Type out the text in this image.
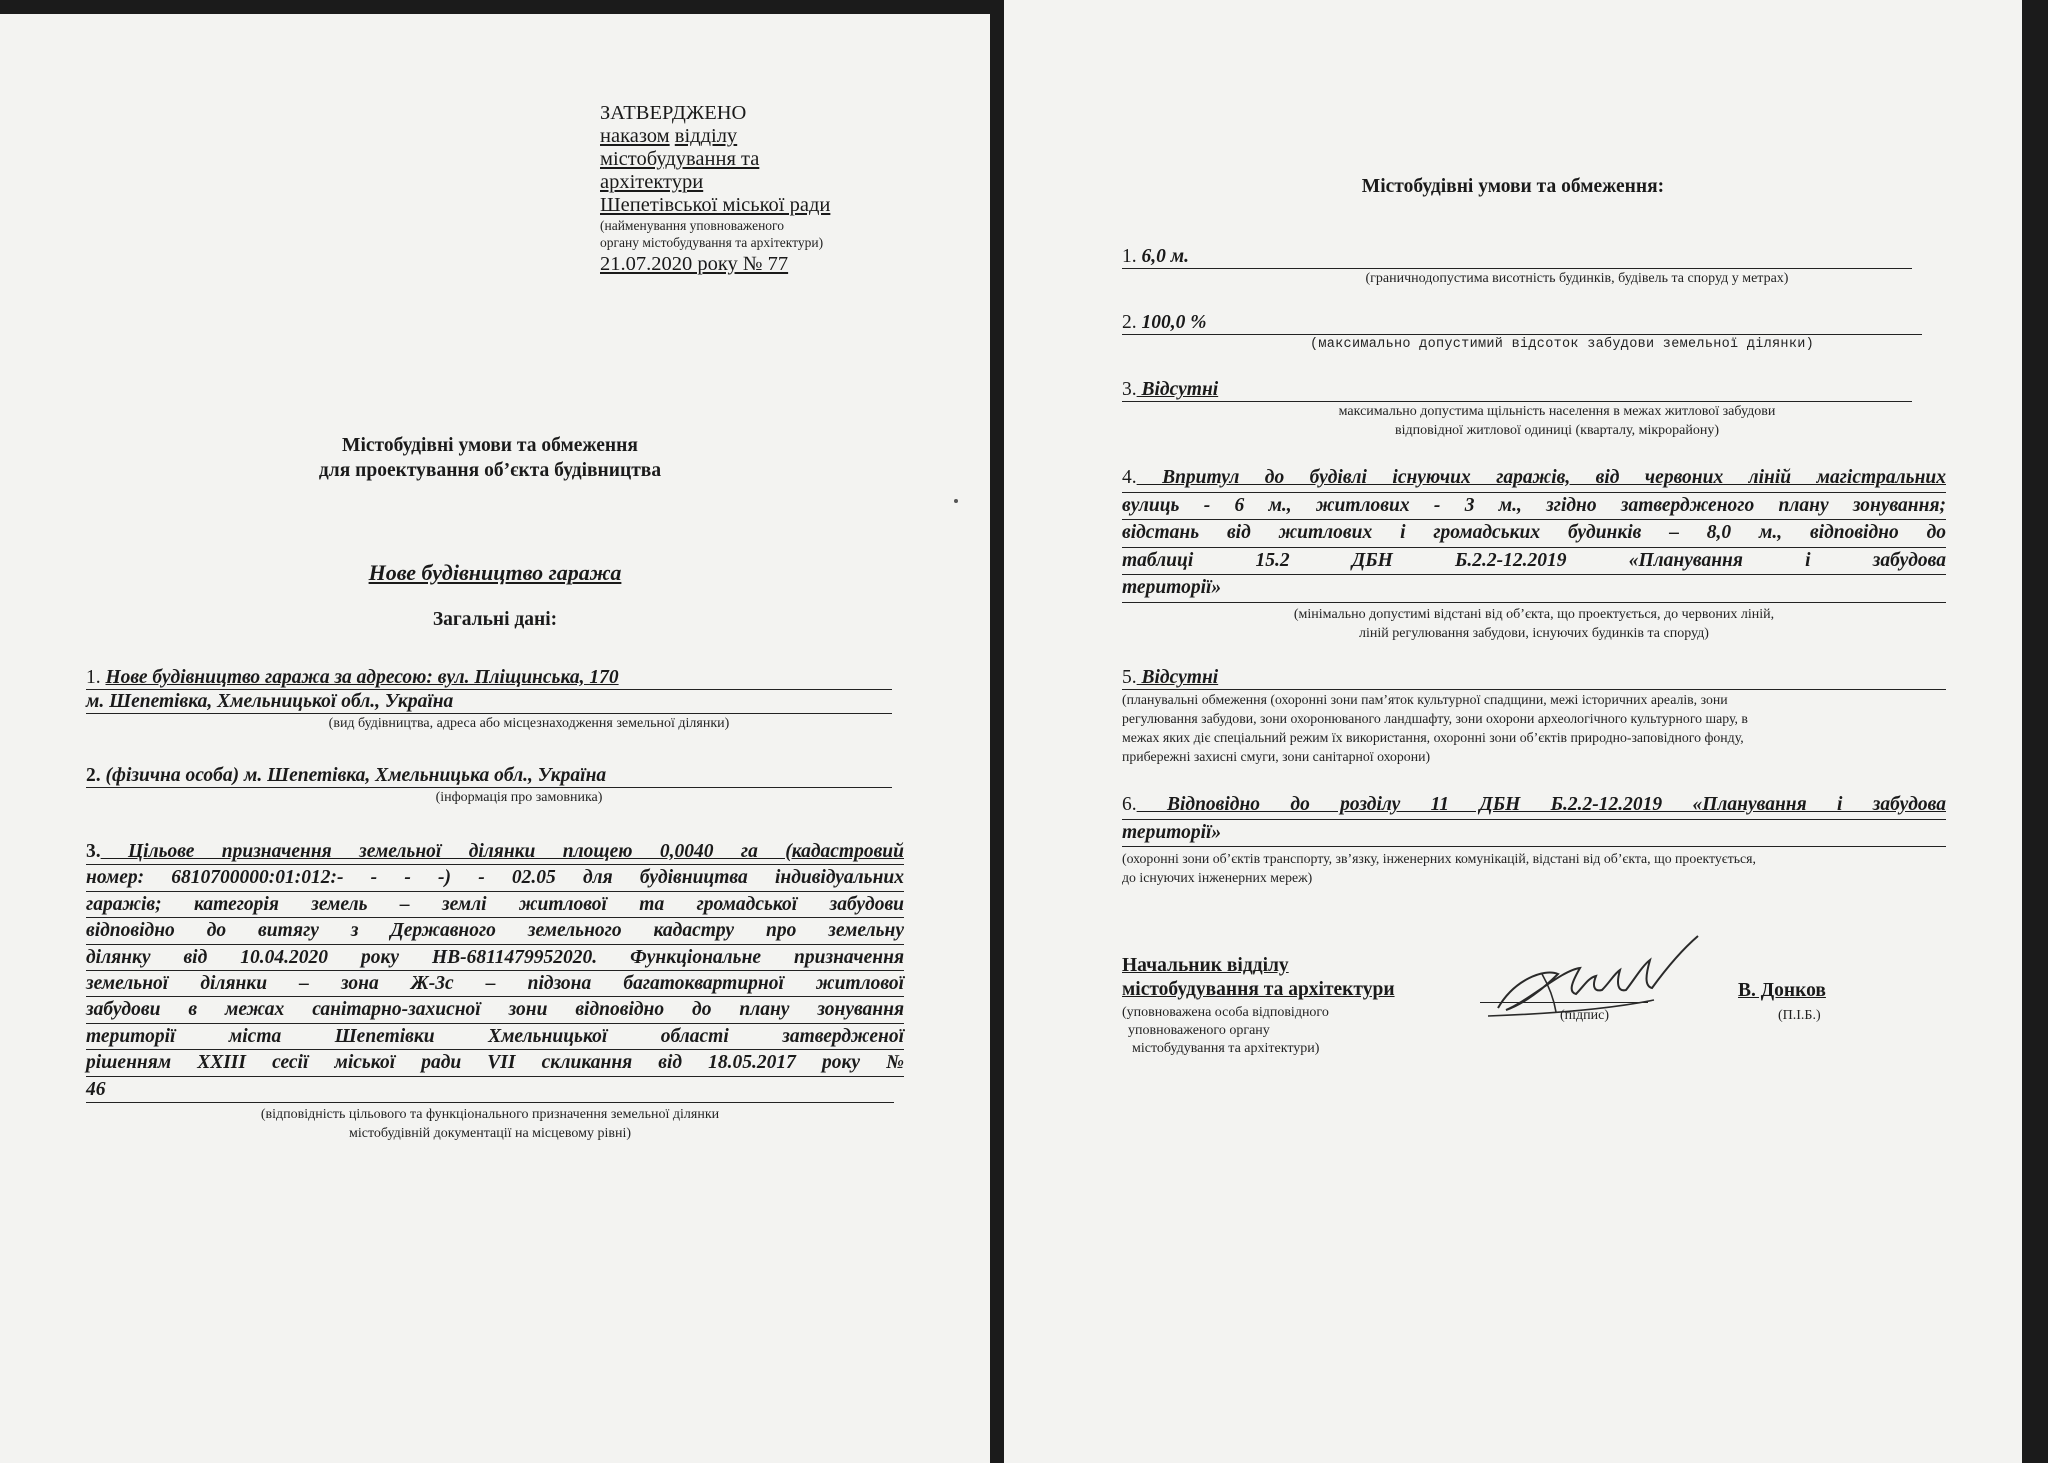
ЗАТВЕРДЖЕНО
наказом відділу
містобудування та
архітектури
Шепетівської міської ради
(найменування уповноваженого
органу містобудування та архітектури)
21.07.2020 року № 77
Містобудівні умови та обмеження
для проектування об’єкта будівництва
Нове будівництво гаража
Загальні дані:
1. Нове будівництво гаража за адресою: вул. Пліщинська, 170
м. Шепетівка, Хмельницької обл., Україна
(вид будівництва, адреса або місцезнаходження земельної ділянки)
2. (фізична особа) м. Шепетівка, Хмельницька обл., Україна
(інформація про замовника)
3. Цільове призначення земельної ділянки площею 0,0040 га (кадастровий
номер: 6810700000:01:012:- - - -) - 02.05 для будівництва індивідуальних
гаражів; категорія земель – землі житлової та громадської забудови
відповідно до витягу з Державного земельного кадастру про земельну
ділянку від 10.04.2020 року НВ-6811479952020. Функціональне призначення
земельної ділянки – зона Ж-3с – підзона багатоквартирної житлової
забудови в межах санітарно-захисної зони відповідно до плану зонування
території міста Шепетівки Хмельницької області затвердженої
рішенням XXIII сесії міської ради VII скликання від 18.05.2017 року №
46
(відповідність цільового та функціонального призначення земельної ділянки
містобудівній документації на місцевому рівні)
Містобудівні умови та обмеження:
1. 6,0 м.
(граничнодопустима висотність будинків, будівель та споруд у метрах)
2. 100,0 %
(максимально допустимий відсоток забудови земельної ділянки)
3. Відсутні
максимально допустима щільність населення в межах житлової забудови
відповідної житлової одиниці (кварталу, мікрорайону)
4. Впритул до будівлі існуючих гаражів, від червоних ліній магістральних
вулиць - 6 м., житлових - 3 м., згідно затвердженого плану зонування;
відстань від житлових і громадських будинків – 8,0 м., відповідно до
таблиці 15.2 ДБН Б.2.2-12.2019 «Планування і забудова
території»
(мінімально допустимі відстані від об’єкта, що проектується, до червоних ліній,
ліній регулювання забудови, існуючих будинків та споруд)
5. Відсутні
(планувальні обмеження (охоронні зони пам’яток культурної спадщини, межі історичних ареалів, зони
регулювання забудови, зони охоронюваного ландшафту, зони охорони археологічного культурного шару, в
межах яких діє спеціальний режим їх використання, охоронні зони об’єктів природно-заповідного фонду,
прибережні захисні смуги, зони санітарної охорони)
6. Відповідно до розділу 11 ДБН Б.2.2-12.2019 «Планування і забудова
території»
(охоронні зони об’єктів транспорту, зв’язку, інженерних комунікацій, відстані від об’єкта, що проектується,
до існуючих інженерних мереж)
Начальник відділу
містобудування та архітектури
(уповноважена особа відповідного
уповноваженого органу
містобудування та архітектури)
(підпис)
В. Донков
(П.І.Б.)
